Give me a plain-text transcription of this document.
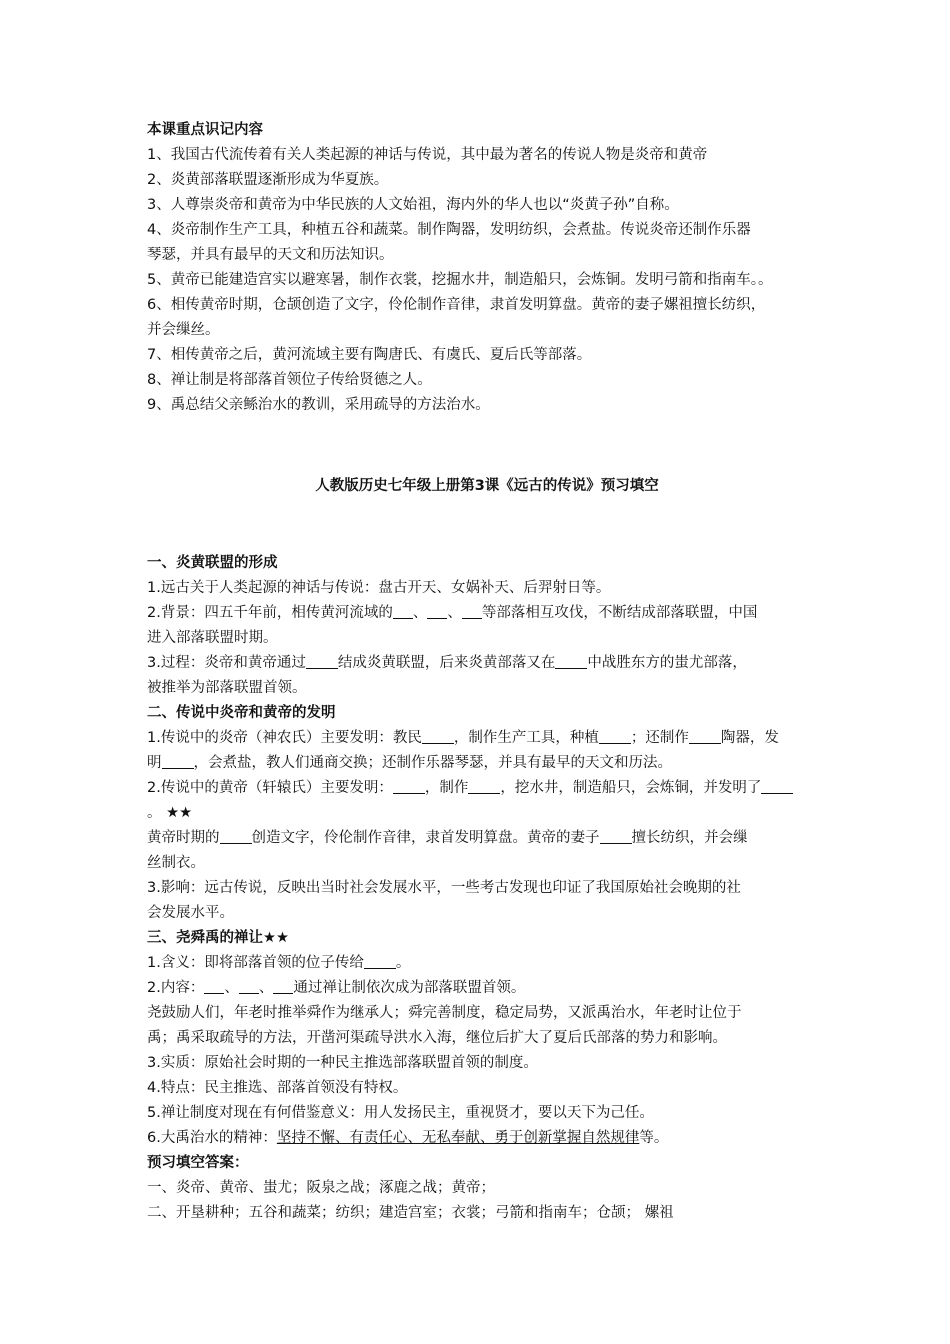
本课重点识记内容

1、我国古代流传着有关人类起源的神话与传说，其中最为著名的传说人物是炎帝和黄帝

2、炎黄部落联盟逐渐形成为华夏族。

3、人尊崇炎帝和黄帝为中华民族的人文始祖，海内外的华人也以“炎黄子孙”自称。

4、炎帝制作生产工具，种植五谷和蔬菜。制作陶器，发明纺织，会煮盐。传说炎帝还制作乐器

琴瑟，并具有最早的天文和历法知识。

5、黄帝已能建造宫实以避寒暑，制作衣裳，挖掘水井，制造船只，会炼铜。发明弓箭和指南车。。

6、相传黄帝时期，仓颉创造了文字，伶伦制作音律，隶首发明算盘。黄帝的妻子嫘祖擅长纺织，

并会缫丝。

7、相传黄帝之后，黄河流域主要有陶唐氏、有虞氏、夏后氏等部落。

8、禅让制是将部落首领位子传给贤德之人。

9、禹总结父亲鲧治水的教训，采用疏导的方法治水。

人教版历史七年级上册第3课《远古的传说》预习填空

一、炎黄联盟的形成

1.远古关于人类起源的神话与传说：盘古开天、女娲补天、后羿射日等。

2.背景：四五千年前，相传黄河流域的 、 、 等部落相互攻伐，不断结成部落联盟，中国

进入部落联盟时期。

3.过程：炎帝和黄帝通过 结成炎黄联盟，后来炎黄部落又在 中战胜东方的蚩尤部落，

被推举为部落联盟首领。

二、传说中炎帝和黄帝的发明

1.传说中的炎帝（神农氏）主要发明：教民 ，制作生产工具，种植 ；还制作 陶器，发

明 ，会煮盐，教人们通商交换；还制作乐器琴瑟，并具有最早的天文和历法。

2.传说中的黄帝（轩辕氏）主要发明： ，制作 ，挖水井，制造船只，会炼铜，并发明了

。 ★★

黄帝时期的 创造文字，伶伦制作音律，隶首发明算盘。黄帝的妻子 擅长纺织，并会缫

丝制衣。

3.影响：远古传说，反映出当时社会发展水平，一些考古发现也印证了我国原始社会晚期的社

会发展水平。

三、尧舜禹的禅让★★

1.含义：即将部落首领的位子传给 。

2.内容： 、 、 通过禅让制依次成为部落联盟首领。

尧鼓励人们，年老时推举舜作为继承人；舜完善制度，稳定局势，又派禹治水，年老时让位于

禹；禹采取疏导的方法，开凿河渠疏导洪水入海，继位后扩大了夏后氏部落的势力和影响。

3.实质：原始社会时期的一种民主推选部落联盟首领的制度。

4.特点：民主推选、部落首领没有特权。

5.禅让制度对现在有何借鉴意义：用人发扬民主，重视贤才，要以天下为己任。

6.大禹治水的精神：坚持不懈、有责任心、无私奉献、勇于创新掌握自然规律等。

预习填空答案：

一、炎帝、黄帝、蚩尤；阪泉之战；涿鹿之战；黄帝；

二、开垦耕种；五谷和蔬菜；纺织；建造宫室；衣裳；弓箭和指南车；仓颉； 嫘祖
